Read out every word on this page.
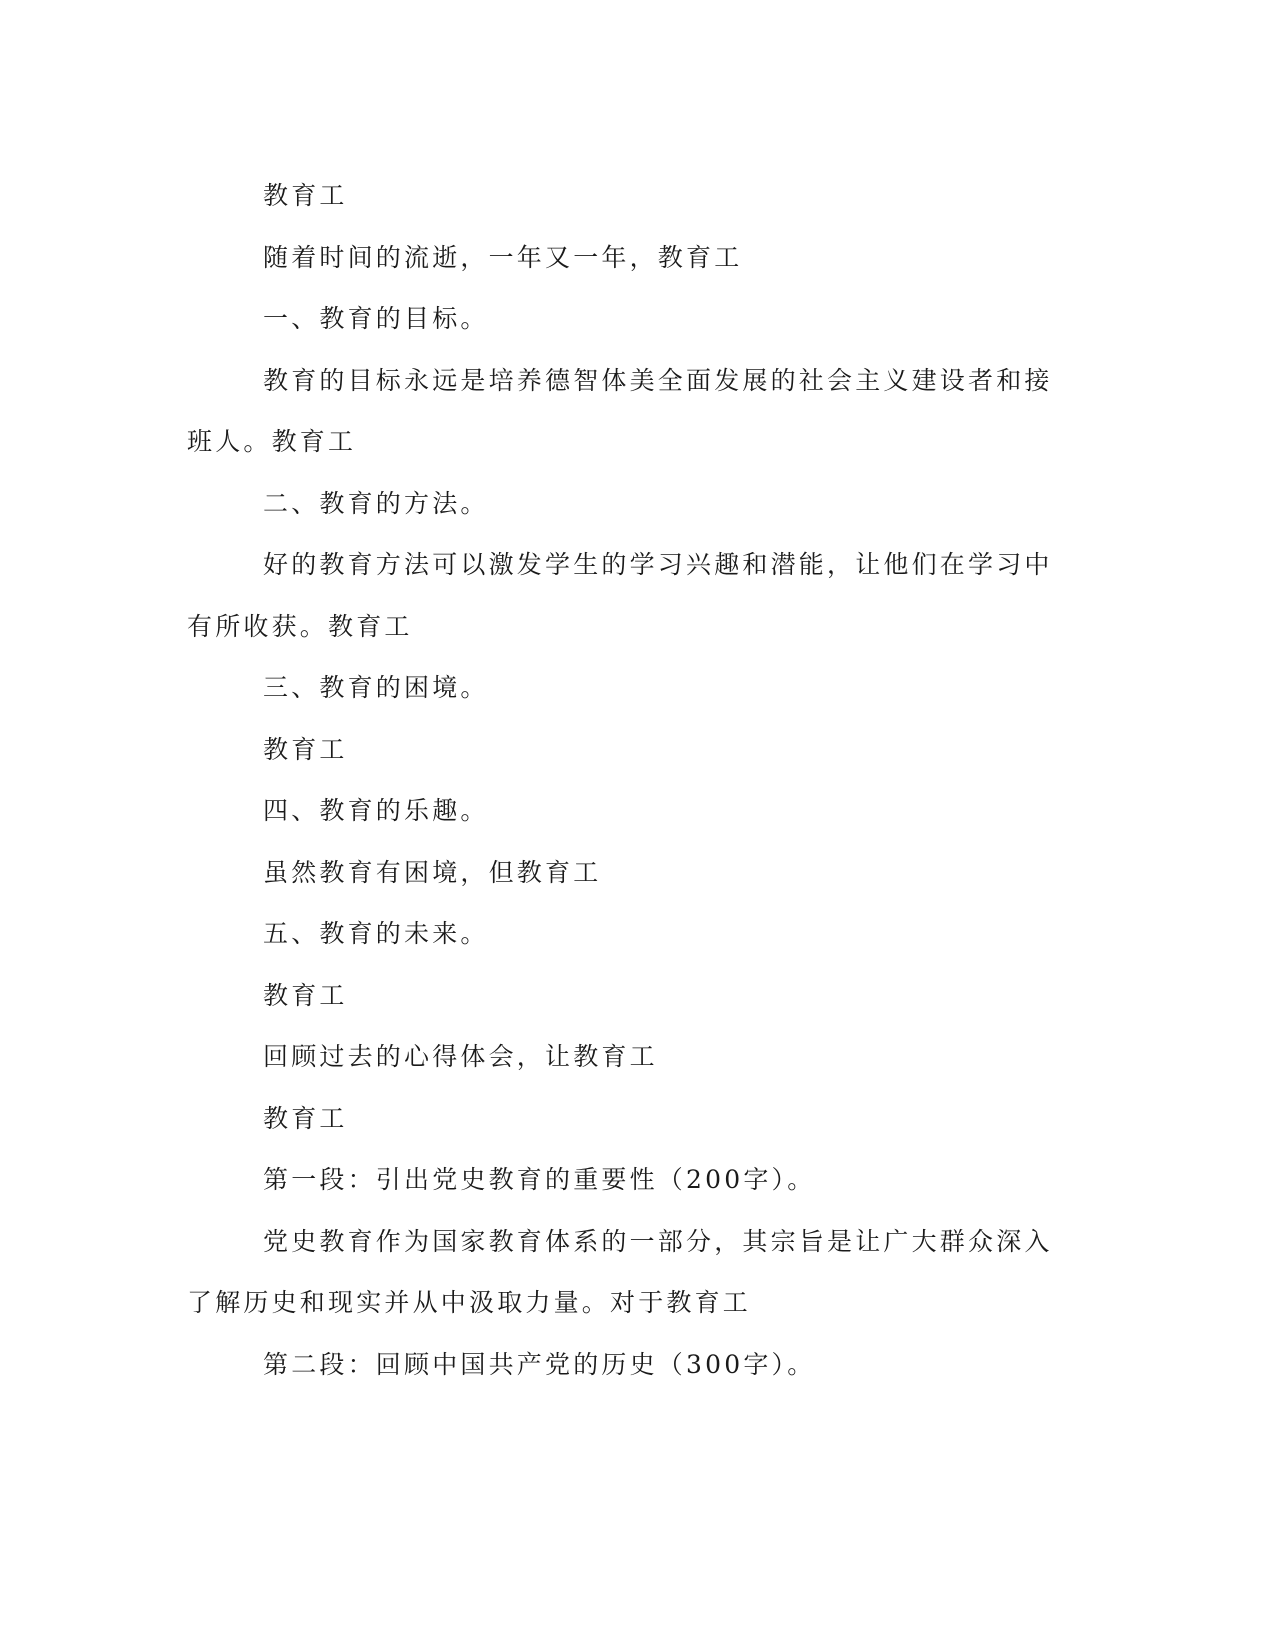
教育工

随着时间的流逝，一年又一年，教育工

一、教育的目标。

教育的目标永远是培养德智体美全面发展的社会主义建设者和接班人。教育工

二、教育的方法。

好的教育方法可以激发学生的学习兴趣和潜能，让他们在学习中有所收获。教育工

三、教育的困境。

教育工

四、教育的乐趣。

虽然教育有困境，但教育工

五、教育的未来。

教育工

回顾过去的心得体会，让教育工

教育工

第一段：引出党史教育的重要性（200字）。

党史教育作为国家教育体系的一部分，其宗旨是让广大群众深入了解历史和现实并从中汲取力量。对于教育工

第二段：回顾中国共产党的历史（300字）。
